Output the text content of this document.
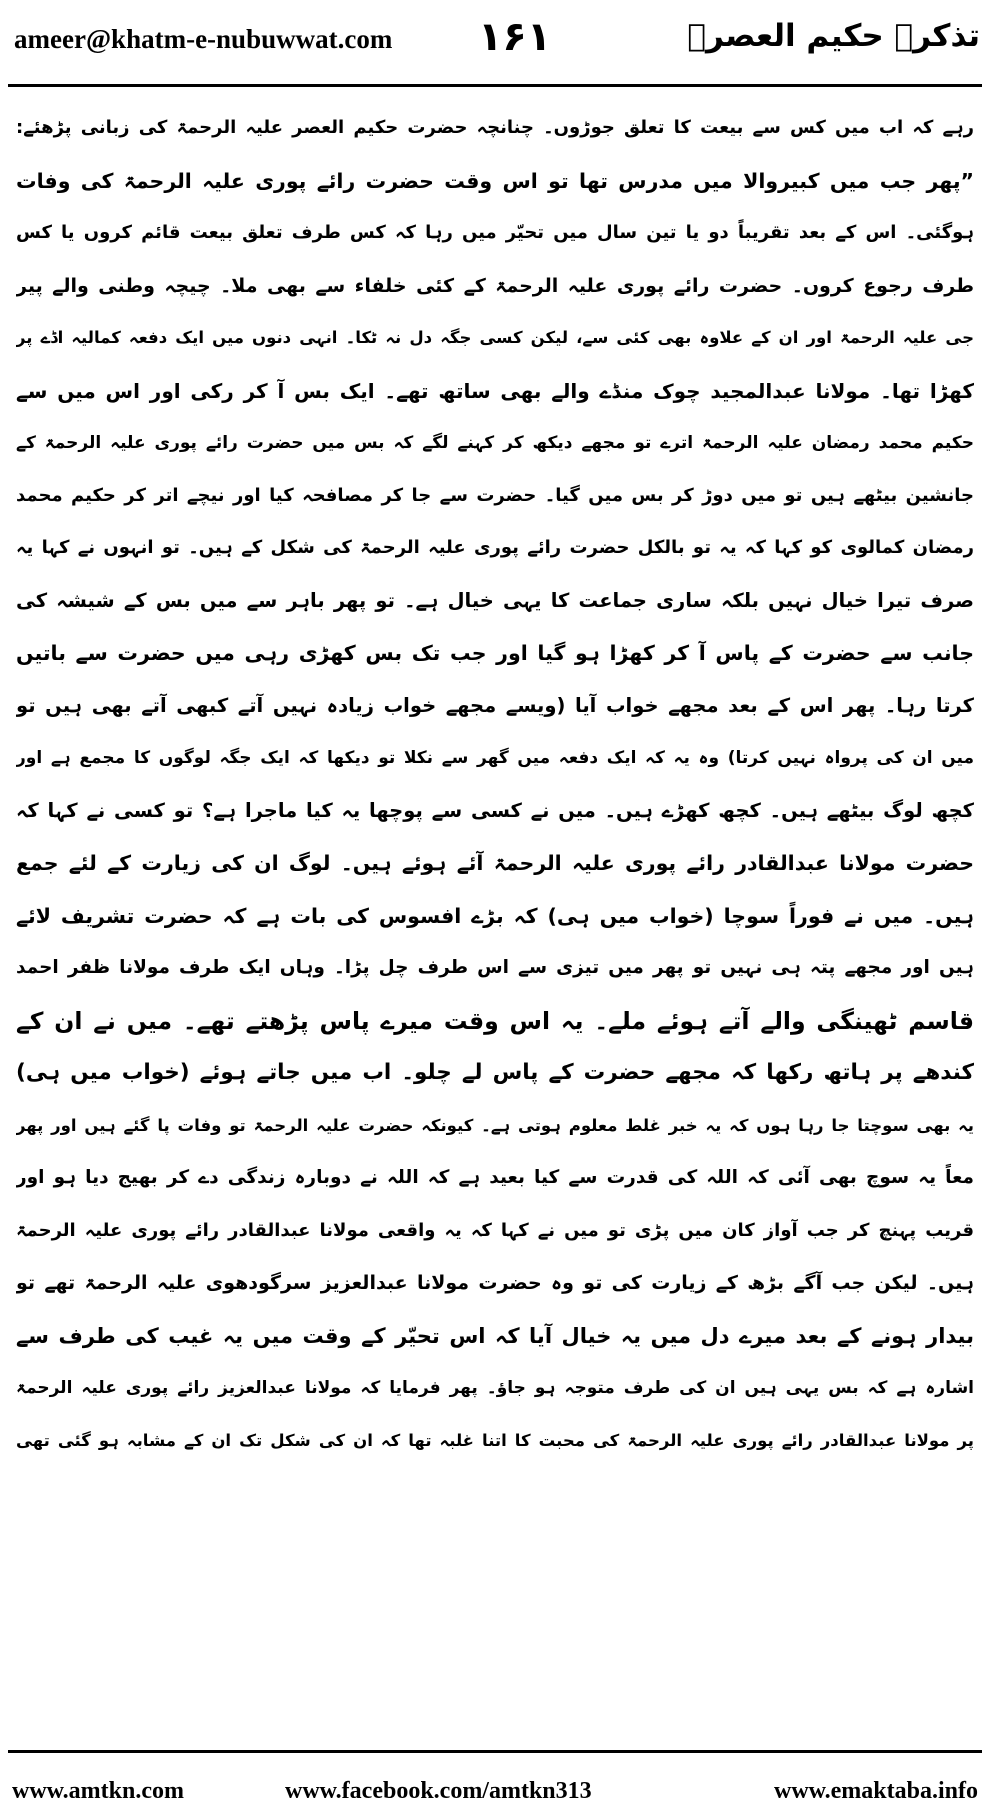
ameer@khatm-e-nubuwwat.com ۱۶۱	تذکرہ حکیم العصرؒ
رہے کہ اب میں کس سے بیعت کا تعلق جوڑوں۔ چنانچہ حضرت حکیم العصر علیہ الرحمۃ کی زبانی پڑھئے:
”پھر جب میں کبیروالا میں مدرس تھا تو اس وقت حضرت رائے پوری علیہ الرحمۃ کی وفات
ہوگئی۔ اس کے بعد تقریباً دو یا تین سال میں تحیّر میں رہا کہ کس طرف تعلق بیعت قائم کروں یا کس
طرف رجوع کروں۔ حضرت رائے پوری علیہ الرحمۃ کے کئی خلفاء سے بھی ملا۔ چیچہ وطنی والے پیر
جی علیہ الرحمۃ اور ان کے علاوہ بھی کئی سے، لیکن کسی جگہ دل نہ ٹکا۔ انہی دنوں میں ایک دفعہ کمالیہ اڈے پر
کھڑا تھا۔ مولانا عبدالمجید چوک منڈے والے بھی ساتھ تھے۔ ایک بس آ کر رکی اور اس میں سے
حکیم محمد رمضان علیہ الرحمۃ اترے تو مجھے دیکھ کر کہنے لگے کہ بس میں حضرت رائے پوری علیہ الرحمۃ کے
جانشین بیٹھے ہیں تو میں دوڑ کر بس میں گیا۔ حضرت سے جا کر مصافحہ کیا اور نیچے اتر کر حکیم محمد
رمضان کمالوی کو کہا کہ یہ تو بالکل حضرت رائے پوری علیہ الرحمۃ کی شکل کے ہیں۔ تو انہوں نے کہا یہ
صرف تیرا خیال نہیں بلکہ ساری جماعت کا یہی خیال ہے۔ تو پھر باہر سے میں بس کے شیشہ کی
جانب سے حضرت کے پاس آ کر کھڑا ہو گیا اور جب تک بس کھڑی رہی میں حضرت سے باتیں
کرتا رہا۔ پھر اس کے بعد مجھے خواب آیا (ویسے مجھے خواب زیادہ نہیں آتے کبھی آتے بھی ہیں تو
میں ان کی پرواہ نہیں کرتا) وہ یہ کہ ایک دفعہ میں گھر سے نکلا تو دیکھا کہ ایک جگہ لوگوں کا مجمع ہے اور
کچھ لوگ بیٹھے ہیں۔ کچھ کھڑے ہیں۔ میں نے کسی سے پوچھا یہ کیا ماجرا ہے؟ تو کسی نے کہا کہ
حضرت مولانا عبدالقادر رائے پوری علیہ الرحمۃ آئے ہوئے ہیں۔ لوگ ان کی زیارت کے لئے جمع
ہیں۔ میں نے فوراً سوچا (خواب میں ہی) کہ بڑے افسوس کی بات ہے کہ حضرت تشریف لائے
ہیں اور مجھے پتہ ہی نہیں تو پھر میں تیزی سے اس طرف چل پڑا۔ وہاں ایک طرف مولانا ظفر احمد
قاسم ٹھینگی والے آتے ہوئے ملے۔ یہ اس وقت میرے پاس پڑھتے تھے۔ میں نے ان کے
کندھے پر ہاتھ رکھا کہ مجھے حضرت کے پاس لے چلو۔ اب میں جاتے ہوئے (خواب میں ہی)
یہ بھی سوچتا جا رہا ہوں کہ یہ خبر غلط معلوم ہوتی ہے۔ کیونکہ حضرت علیہ الرحمۃ تو وفات پا گئے ہیں اور پھر
معاً یہ سوچ بھی آئی کہ اللہ کی قدرت سے کیا بعید ہے کہ اللہ نے دوبارہ زندگی دے کر بھیج دیا ہو اور
قریب پہنچ کر جب آواز کان میں پڑی تو میں نے کہا کہ یہ واقعی مولانا عبدالقادر رائے پوری علیہ الرحمۃ
ہیں۔ لیکن جب آگے بڑھ کے زیارت کی تو وہ حضرت مولانا عبدالعزیز سرگودھوی علیہ الرحمۃ تھے تو
بیدار ہونے کے بعد میرے دل میں یہ خیال آیا کہ اس تحیّر کے وقت میں یہ غیب کی طرف سے
اشارہ ہے کہ بس یہی ہیں ان کی طرف متوجہ ہو جاؤ۔ پھر فرمایا کہ مولانا عبدالعزیز رائے پوری علیہ الرحمۃ
پر مولانا عبدالقادر رائے پوری علیہ الرحمۃ کی محبت کا اتنا غلبہ تھا کہ ان کی شکل تک ان کے مشابہ ہو گئی تھی
www.amtkn.com	www.facebook.com/amtkn313	www.emaktaba.info
